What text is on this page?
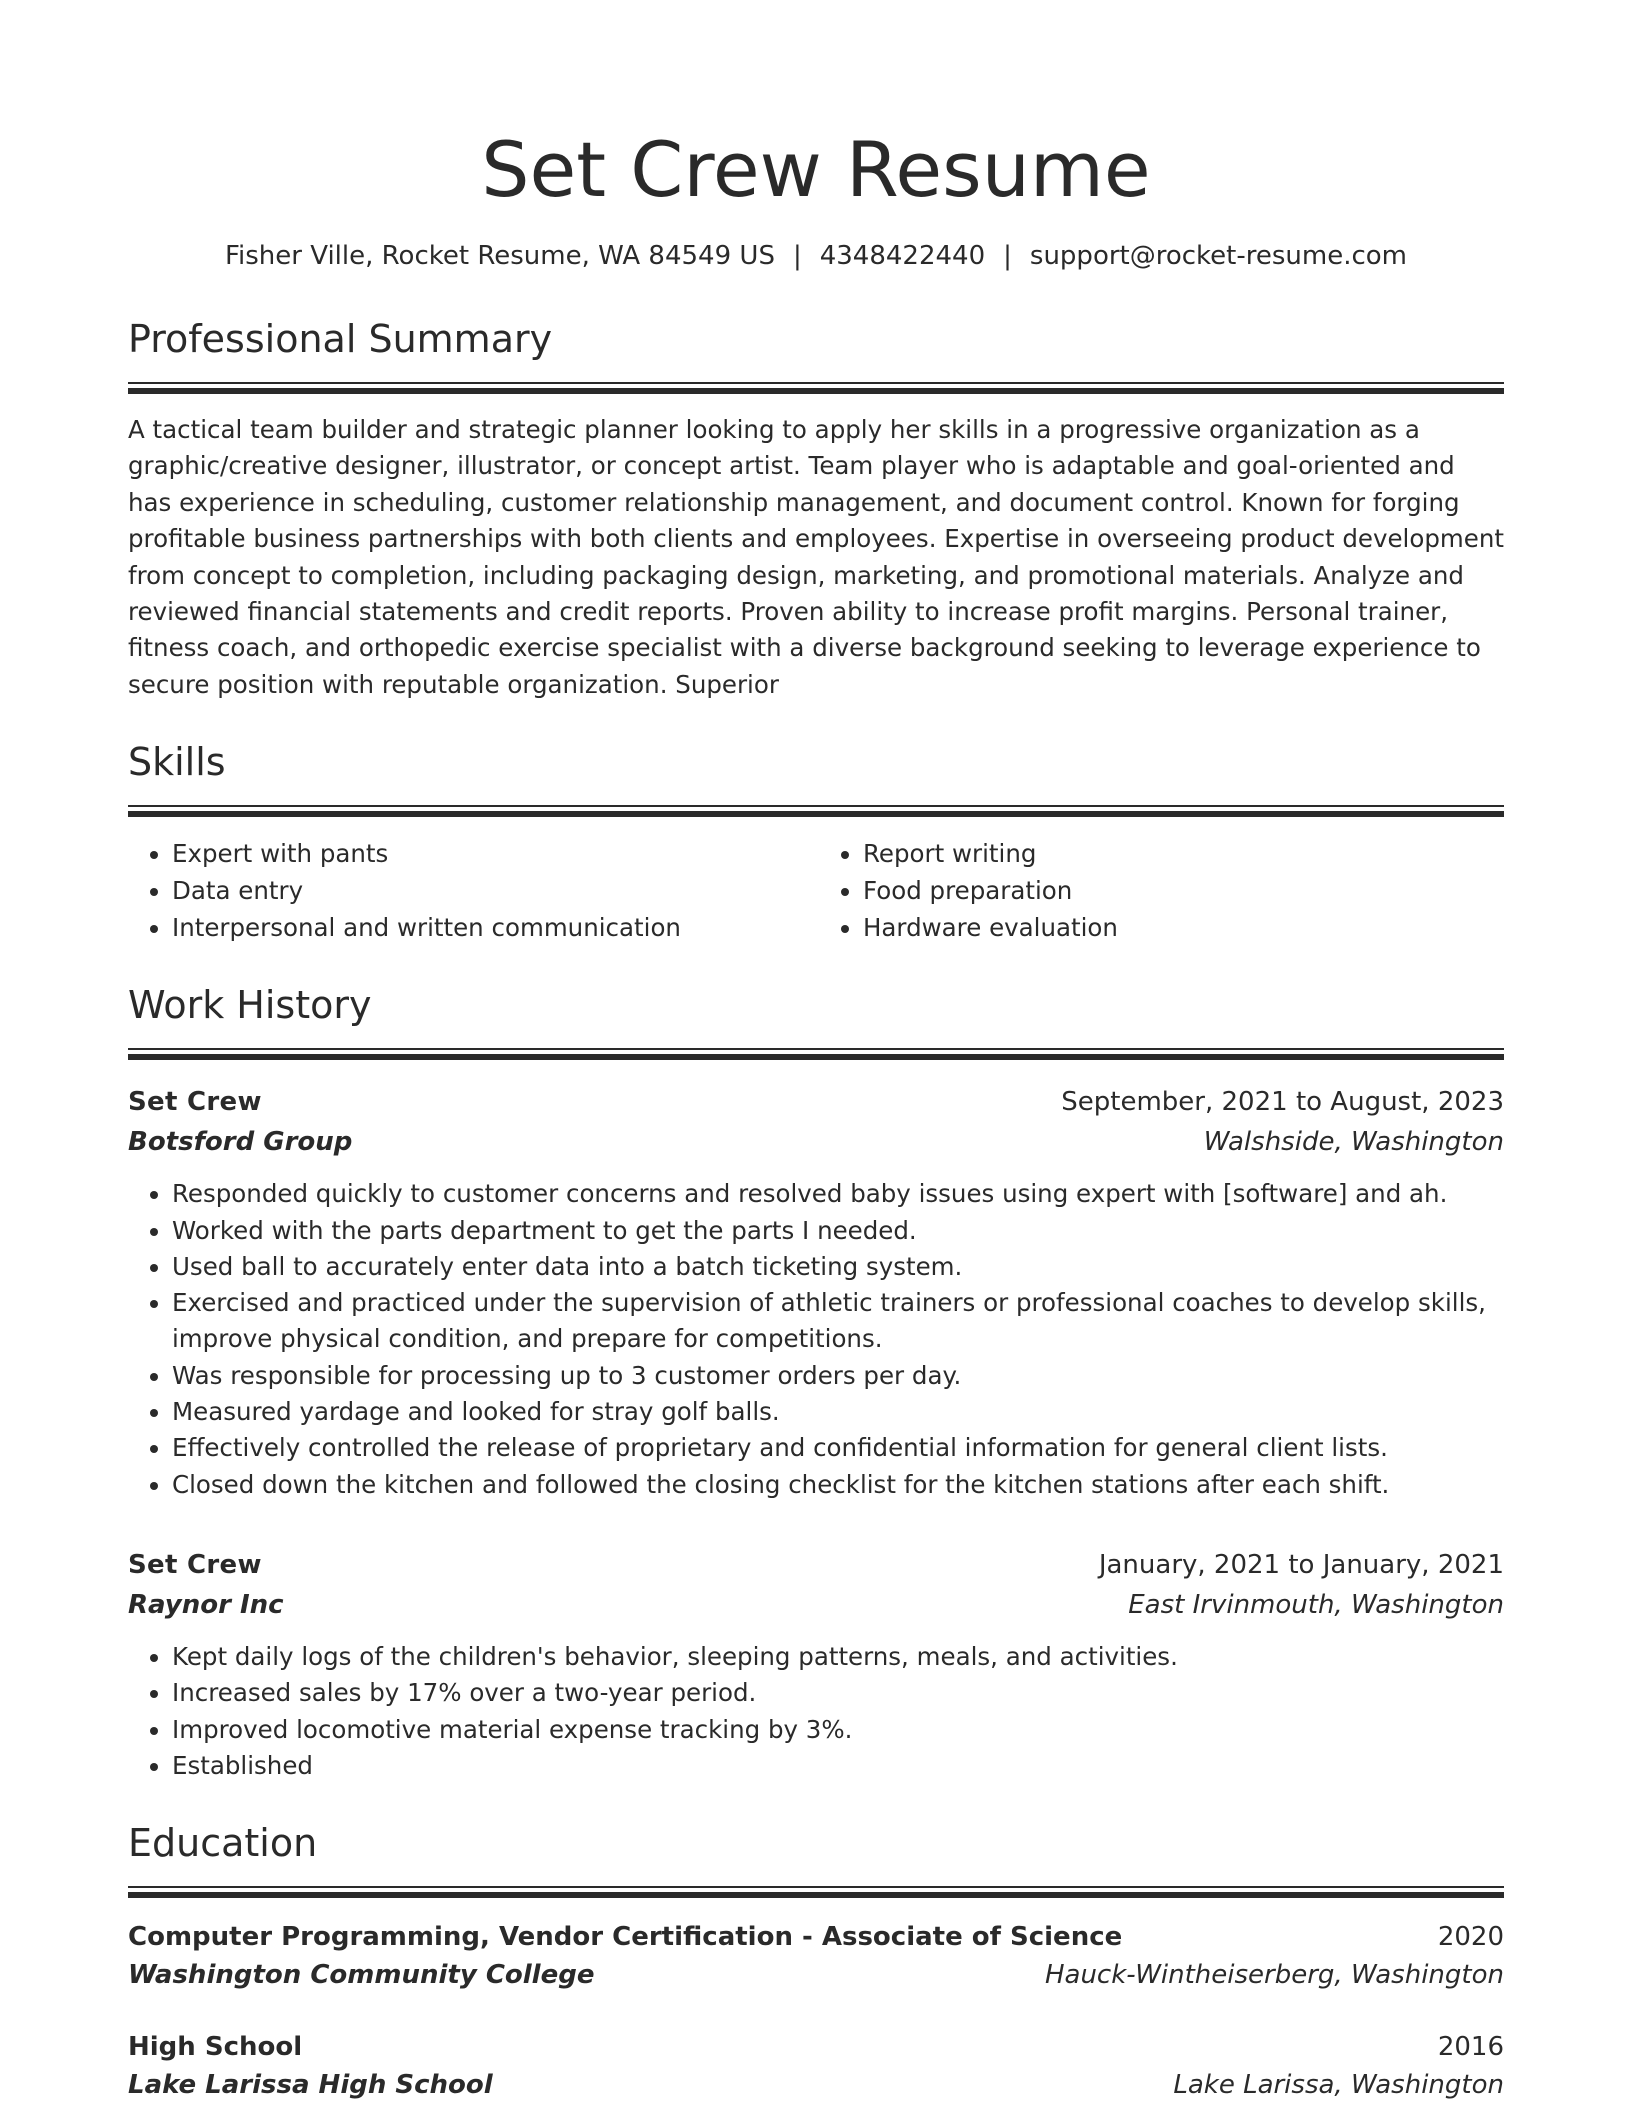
Set Crew Resume
Fisher Ville, Rocket Resume, WA 84549 US | 4348422440 | support@rocket-resume.com
Professional Summary
A tactical team builder and strategic planner looking to apply her skills in a progressive organization as a graphic/creative designer, illustrator, or concept artist. Team player who is adaptable and goal-oriented and has experience in scheduling, customer relationship management, and document control. Known for forging profitable business partnerships with both clients and employees. Expertise in overseeing product development from concept to completion, including packaging design, marketing, and promotional materials. Analyze and reviewed financial statements and credit reports. Proven ability to increase profit margins. Personal trainer, fitness coach, and orthopedic exercise specialist with a diverse background seeking to leverage experience to secure position with reputable organization. Superior
Skills
• Expert with pants
• Data entry
• Interpersonal and written communication
• Report writing
• Food preparation
• Hardware evaluation
Work History
Set Crew	September, 2021 to August, 2023
Botsford Group	Walshside, Washington
• Responded quickly to customer concerns and resolved baby issues using expert with [software] and ah.
• Worked with the parts department to get the parts I needed.
• Used ball to accurately enter data into a batch ticketing system.
• Exercised and practiced under the supervision of athletic trainers or professional coaches to develop skills, improve physical condition, and prepare for competitions.
• Was responsible for processing up to 3 customer orders per day.
• Measured yardage and looked for stray golf balls.
• Effectively controlled the release of proprietary and confidential information for general client lists.
• Closed down the kitchen and followed the closing checklist for the kitchen stations after each shift.
Set Crew	January, 2021 to January, 2021
Raynor Inc	East Irvinmouth, Washington
• Kept daily logs of the children's behavior, sleeping patterns, meals, and activities.
• Increased sales by 17% over a two-year period.
• Improved locomotive material expense tracking by 3%.
• Established
Education
Computer Programming, Vendor Certification - Associate of Science	2020
Washington Community College	Hauck-Wintheiserberg, Washington
High School	2016
Lake Larissa High School	Lake Larissa, Washington
